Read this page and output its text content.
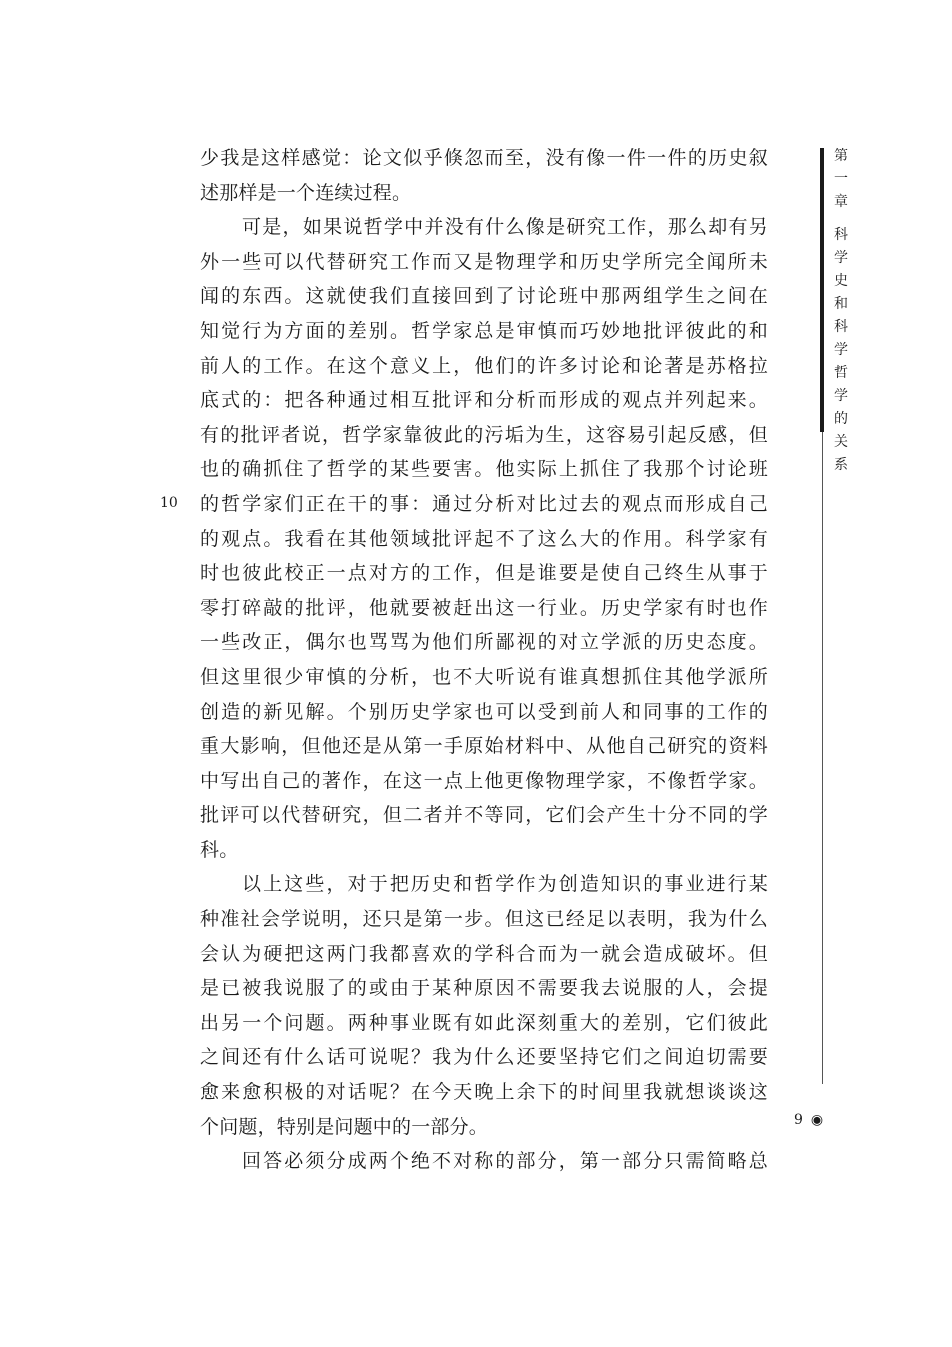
少我是这样感觉：论文似乎倏忽而至，没有像一件一件的历史叙
述那样是一个连续过程。
可是，如果说哲学中并没有什么像是研究工作，那么却有另
外一些可以代替研究工作而又是物理学和历史学所完全闻所未
闻的东西。这就使我们直接回到了讨论班中那两组学生之间在
知觉行为方面的差别。哲学家总是审慎而巧妙地批评彼此的和
前人的工作。在这个意义上，他们的许多讨论和论著是苏格拉
底式的：把各种通过相互批评和分析而形成的观点并列起来。
有的批评者说，哲学家靠彼此的污垢为生，这容易引起反感，但
也的确抓住了哲学的某些要害。他实际上抓住了我那个讨论班
的哲学家们正在干的事：通过分析对比过去的观点而形成自己
的观点。我看在其他领域批评起不了这么大的作用。科学家有
时也彼此校正一点对方的工作，但是谁要是使自己终生从事于
零打碎敲的批评，他就要被赶出这一行业。历史学家有时也作
一些改正，偶尔也骂骂为他们所鄙视的对立学派的历史态度。
但这里很少审慎的分析，也不大听说有谁真想抓住其他学派所
创造的新见解。个别历史学家也可以受到前人和同事的工作的
重大影响，但他还是从第一手原始材料中、从他自己研究的资料
中写出自己的著作，在这一点上他更像物理学家，不像哲学家。
批评可以代替研究，但二者并不等同，它们会产生十分不同的学
科。
以上这些，对于把历史和哲学作为创造知识的事业进行某
种准社会学说明，还只是第一步。但这已经足以表明，我为什么
会认为硬把这两门我都喜欢的学科合而为一就会造成破坏。但
是已被我说服了的或由于某种原因不需要我去说服的人，会提
出另一个问题。两种事业既有如此深刻重大的差别，它们彼此
之间还有什么话可说呢？我为什么还要坚持它们之间迫切需要
愈来愈积极的对话呢？在今天晚上余下的时间里我就想谈谈这
个问题，特别是问题中的一部分。
回答必须分成两个绝不对称的部分，第一部分只需简略总
10
第
一
章
科
学
史
和
科
学
哲
学
的
关
系
9 ◉
